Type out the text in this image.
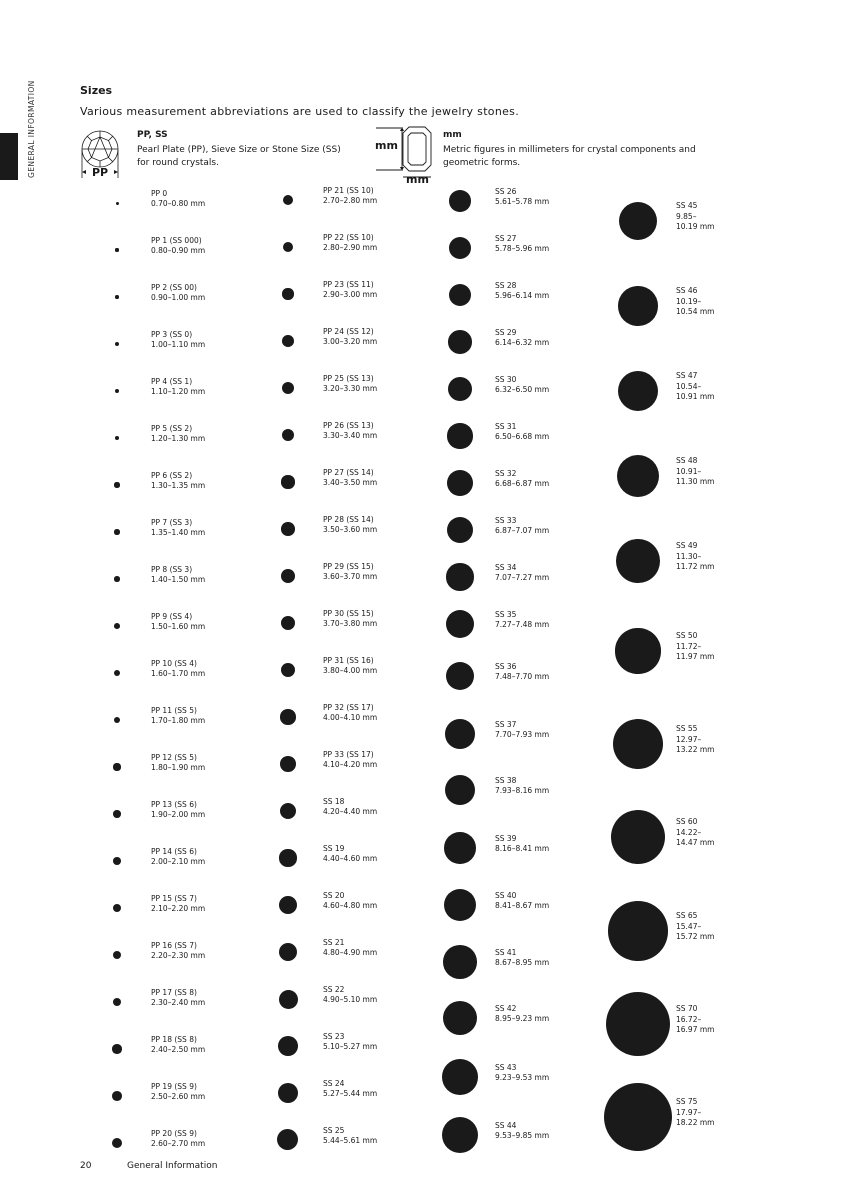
GENERAL INFORMATION	Sizes
Various measurement abbreviations are used to classify the jewelry stones.
PP
PP, SS
Pearl Plate (PP), Sieve Size or Stone Size (SS) for round crystals.
mm
mm
mm
Metric figures in millimeters for crystal components and geometric forms.
PP 0
0.70–0.80 mm
PP 1 (SS 000)
0.80–0.90 mm
PP 2 (SS 00)
0.90–1.00 mm
PP 3 (SS 0)
1.00–1.10 mm
PP 4 (SS 1)
1.10–1.20 mm
PP 5 (SS 2)
1.20–1.30 mm
PP 6 (SS 2)
1.30–1.35 mm
PP 7 (SS 3)
1.35–1.40 mm
PP 8 (SS 3)
1.40–1.50 mm
PP 9 (SS 4)
1.50–1.60 mm
PP 10 (SS 4)
1.60–1.70 mm
PP 11 (SS 5)
1.70–1.80 mm
PP 12 (SS 5)
1.80–1.90 mm
PP 13 (SS 6)
1.90–2.00 mm
PP 14 (SS 6)
2.00–2.10 mm
PP 15 (SS 7)
2.10–2.20 mm
PP 16 (SS 7)
2.20–2.30 mm
PP 17 (SS 8)
2.30–2.40 mm
PP 18 (SS 8)
2.40–2.50 mm
PP 19 (SS 9)
2.50–2.60 mm
PP 20 (SS 9)
2.60–2.70 mm
PP 21 (SS 10)
2.70–2.80 mm
PP 22 (SS 10)
2.80–2.90 mm
PP 23 (SS 11)
2.90–3.00 mm
PP 24 (SS 12)
3.00–3.20 mm
PP 25 (SS 13)
3.20–3.30 mm
PP 26 (SS 13)
3.30–3.40 mm
PP 27 (SS 14)
3.40–3.50 mm
PP 28 (SS 14)
3.50–3.60 mm
PP 29 (SS 15)
3.60–3.70 mm
PP 30 (SS 15)
3.70–3.80 mm
PP 31 (SS 16)
3.80–4.00 mm
PP 32 (SS 17)
4.00–4.10 mm
PP 33 (SS 17)
4.10–4.20 mm
SS 18
4.20–4.40 mm
SS 19
4.40–4.60 mm
SS 20
4.60–4.80 mm
SS 21
4.80–4.90 mm
SS 22
4.90–5.10 mm
SS 23
5.10–5.27 mm
SS 24
5.27–5.44 mm
SS 25
5.44–5.61 mm
SS 26
5.61–5.78 mm
SS 27
5.78–5.96 mm
SS 28
5.96–6.14 mm
SS 29
6.14–6.32 mm
SS 30
6.32–6.50 mm
SS 31
6.50–6.68 mm
SS 32
6.68–6.87 mm
SS 33
6.87–7.07 mm
SS 34
7.07–7.27 mm
SS 35
7.27–7.48 mm
SS 36
7.48–7.70 mm
SS 37
7.70–7.93 mm
SS 38
7.93–8.16 mm
SS 39
8.16–8.41 mm
SS 40
8.41–8.67 mm
SS 41
8.67–8.95 mm
SS 42
8.95–9.23 mm
SS 43
9.23–9.53 mm
SS 44
9.53–9.85 mm
SS 45
9.85–
10.19 mm
SS 46
10.19–
10.54 mm
SS 47
10.54–
10.91 mm
SS 48
10.91–
11.30 mm
SS 49
11.30–
11.72 mm
SS 50
11.72–
11.97 mm
SS 55
12.97–
13.22 mm
SS 60
14.22–
14.47 mm
SS 65
15.47–
15.72 mm
SS 70
16.72–
16.97 mm
SS 75
17.97–
18.22 mm
20	General Information
